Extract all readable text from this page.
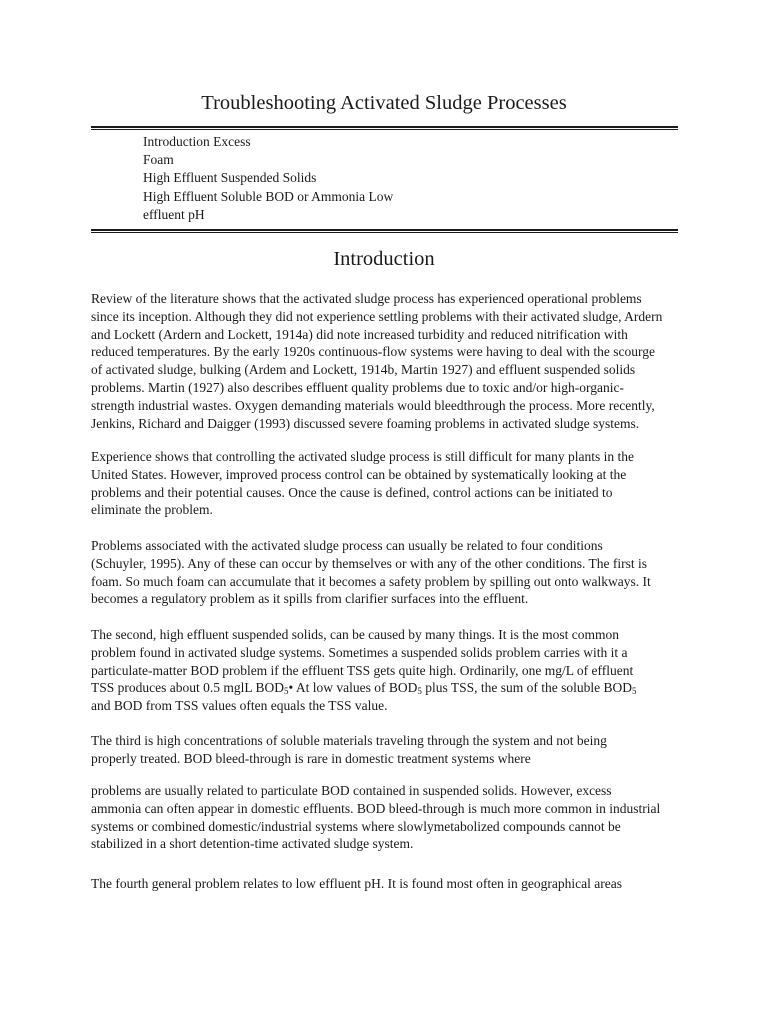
Troubleshooting Activated Sludge Processes
Introduction Excess
Foam
High Effluent Suspended Solids
High Effluent Soluble BOD or Ammonia Low
effluent pH
Introduction

Review of the literature shows that the activated sludge process has experienced operational problems
since its inception. Although they did not experience settling problems with their activated sludge, Ardern
and Lockett (Ardern and Lockett, 1914a) did note increased turbidity and reduced nitrification with
reduced temperatures. By the early 1920s continuous-flow systems were having to deal with the scourge
of activated sludge, bulking (Ardem and Lockett, 1914b, Martin 1927) and effluent suspended solids
problems. Martin (1927) also describes effluent quality problems due to toxic and/or high-organic-
strength industrial wastes. Oxygen demanding materials would bleedthrough the process. More recently,
Jenkins, Richard and Daigger (1993) discussed severe foaming problems in activated sludge systems.

Experience shows that controlling the activated sludge process is still difficult for many plants in the
United States. However, improved process control can be obtained by systematically looking at the
problems and their potential causes. Once the cause is defined, control actions can be initiated to
eliminate the problem.

Problems associated with the activated sludge process can usually be related to four conditions
(Schuyler, 1995). Any of these can occur by themselves or with any of the other conditions. The first is
foam. So much foam can accumulate that it becomes a safety problem by spilling out onto walkways. It
becomes a regulatory problem as it spills from clarifier surfaces into the effluent.

The second, high effluent suspended solids, can be caused by many things. It is the most common
problem found in activated sludge systems. Sometimes a suspended solids problem carries with it a
particulate-matter BOD problem if the effluent TSS gets quite high. Ordinarily, one mg/L of effluent
TSS produces about 0.5 mglL $BOD_5•$ At low values of $BOD_5$ plus TSS, the sum of the soluble $BOD_5$
and BOD from TSS values often equals the TSS value.

The third is high concentrations of soluble materials traveling through the system and not being
properly treated. BOD bleed-through is rare in domestic treatment systems where

problems are usually related to particulate BOD contained in suspended solids. However, excess
ammonia can often appear in domestic effluents. BOD bleed-through is much more common in industrial
systems or combined domestic/industrial systems where slowlymetabolized compounds cannot be
stabilized in a short detention-time activated sludge system.

The fourth general problem relates to low effluent pH. It is found most often in geographical areas
